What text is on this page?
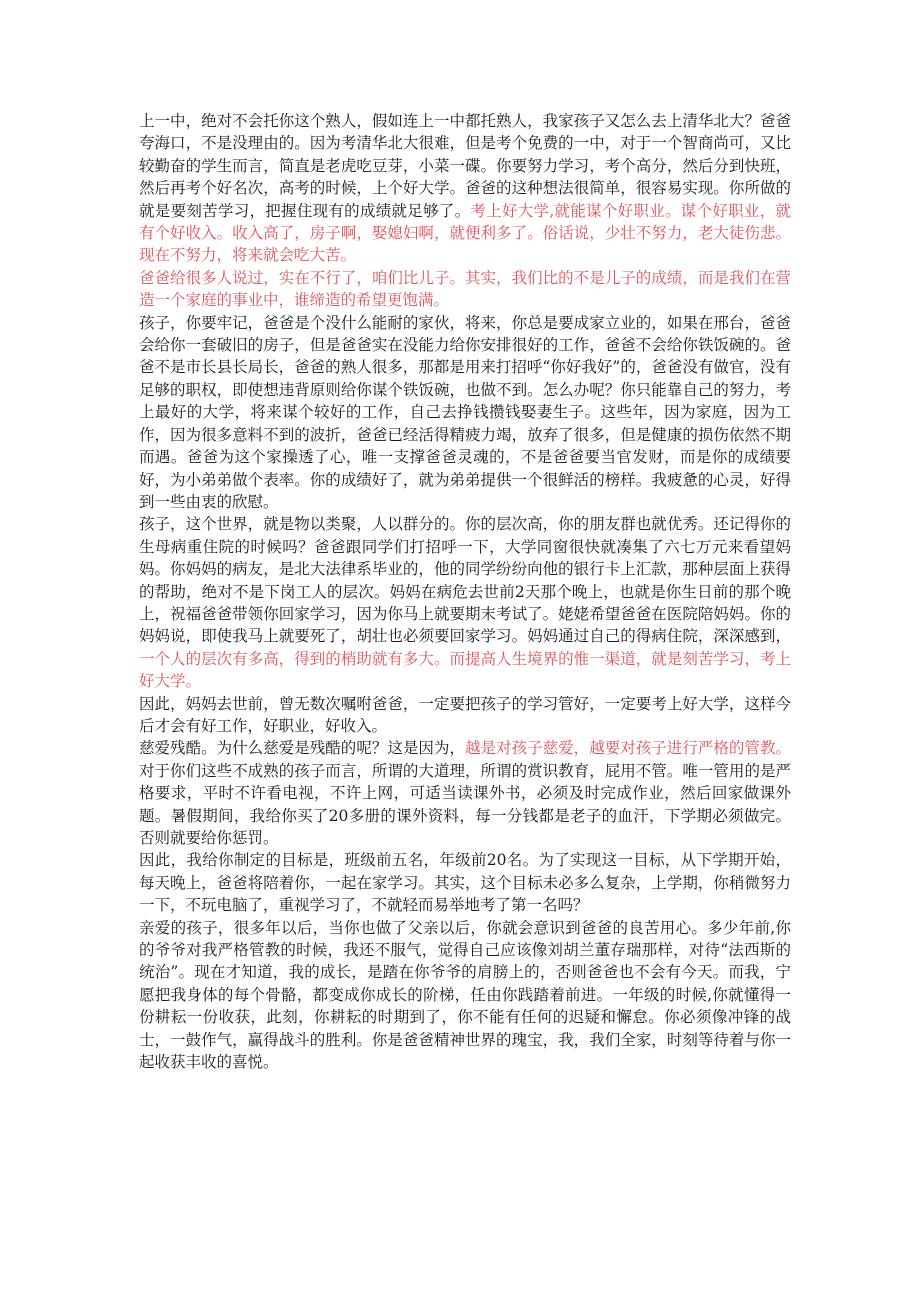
上一中，绝对不会托你这个熟人，假如连上一中都托熟人，我家孩子又怎么去上清华北大？爸爸夸海口，不是没理由的。因为考清华北大很难，但是考个免费的一中，对于一个智商尚可，又比较勤奋的学生而言，简直是老虎吃豆芽，小菜一碟。你要努力学习，考个高分，然后分到快班，然后再考个好名次，高考的时候，上个好大学。爸爸的这种想法很简单，很容易实现。你所做的就是要刻苦学习，把握住现有的成绩就足够了。考上好大学,就能谋个好职业。谋个好职业，就有个好收入。收入高了，房子啊，娶媳妇啊，就便利多了。俗话说，少壮不努力，老大徒伤悲。现在不努力，将来就会吃大苦。

爸爸给很多人说过，实在不行了，咱们比儿子。其实，我们比的不是儿子的成绩，而是我们在营造一个家庭的事业中，谁缔造的希望更饱满。

孩子，你要牢记，爸爸是个没什么能耐的家伙，将来，你总是要成家立业的，如果在邢台，爸爸会给你一套破旧的房子，但是爸爸实在没能力给你安排很好的工作，爸爸不会给你铁饭碗的。爸爸不是市长县长局长，爸爸的熟人很多，那都是用来打招呼“你好我好”的，爸爸没有做官，没有足够的职权，即使想违背原则给你谋个铁饭碗，也做不到。怎么办呢？你只能靠自己的努力，考上最好的大学，将来谋个较好的工作，自己去挣钱攒钱娶妻生子。这些年，因为家庭，因为工作，因为很多意料不到的波折，爸爸已经活得精疲力竭，放弃了很多，但是健康的损伤依然不期而遇。爸爸为这个家操透了心，唯一支撑爸爸灵魂的，不是爸爸要当官发财，而是你的成绩要好，为小弟弟做个表率。你的成绩好了，就为弟弟提供一个很鲜活的榜样。我疲惫的心灵，好得到一些由衷的欣慰。

孩子，这个世界，就是物以类聚，人以群分的。你的层次高，你的朋友群也就优秀。还记得你的生母病重住院的时候吗？爸爸跟同学们打招呼一下，大学同窗很快就凑集了六七万元来看望妈妈。你妈妈的病友，是北大法律系毕业的，他的同学纷纷向他的银行卡上汇款，那种层面上获得的帮助，绝对不是下岗工人的层次。妈妈在病危去世前2天那个晚上，也就是你生日前的那个晚上，祝福爸爸带领你回家学习，因为你马上就要期末考试了。姥姥希望爸爸在医院陪妈妈。你的妈妈说，即使我马上就要死了，胡壮也必须要回家学习。妈妈通过自己的得病住院，深深感到，一个人的层次有多高，得到的梢助就有多大。而提高人生境界的惟一渠道，就是刻苦学习，考上好大学。

因此，妈妈去世前，曾无数次嘱咐爸爸，一定要把孩子的学习管好，一定要考上好大学，这样今后才会有好工作，好职业，好收入。

慈爱残酷。为什么慈爱是残酷的呢？这是因为，越是对孩子慈爱，越要对孩子进行严格的管教。对于你们这些不成熟的孩子而言，所谓的大道理，所谓的赏识教育，屁用不管。唯一管用的是严格要求，平时不许看电视，不许上网，可适当读课外书，必须及时完成作业，然后回家做课外题。暑假期间，我给你买了20多册的课外资料，每一分钱都是老子的血汗，下学期必须做完。否则就要给你惩罚。

因此，我给你制定的目标是，班级前五名，年级前20名。为了实现这一目标，从下学期开始，每天晚上，爸爸将陪着你，一起在家学习。其实，这个目标未必多么复杂，上学期，你稍微努力一下，不玩电脑了，重视学习了，不就轻而易举地考了第一名吗？

亲爱的孩子，很多年以后，当你也做了父亲以后，你就会意识到爸爸的良苦用心。多少年前,你的爷爷对我严格管教的时候，我还不服气，觉得自己应该像刘胡兰董存瑞那样，对待“法西斯的统治”。现在才知道，我的成长，是踏在你爷爷的肩膀上的，否则爸爸也不会有今天。而我，宁愿把我身体的每个骨骼，都变成你成长的阶梯，任由你践踏着前进。一年级的时候,你就懂得一份耕耘一份收获，此刻，你耕耘的时期到了，你不能有任何的迟疑和懈怠。你必须像冲锋的战士，一鼓作气，赢得战斗的胜利。你是爸爸精神世界的瑰宝，我，我们全家，时刻等待着与你一起收获丰收的喜悦。
